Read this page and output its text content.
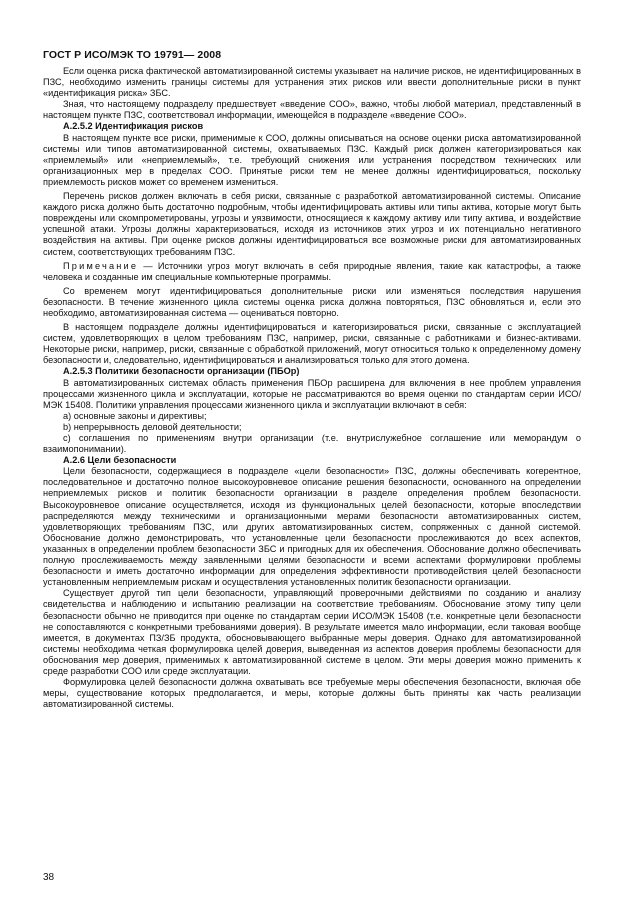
ГОСТ Р ИСО/МЭК ТО 19791— 2008

Если оценка риска фактической автоматизированной системы указывает на наличие рисков, не идентифицированных в ПЗС, необходимо изменить границы системы для устранения этих рисков или ввести дополнительные риски в пункт «идентификация риска» ЗБС.

Зная, что настоящему подразделу предшествует «введение СОО», важно, чтобы любой материал, представленный в настоящем пункте ПЗС, соответствовал информации, имеющейся в подразделе «введение СОО».

А.2.5.2 Идентификация рисков

В настоящем пункте все риски, применимые к СОО, должны описываться на основе оценки риска автоматизированной системы или типов автоматизированной системы, охватываемых ПЗС. Каждый риск должен категоризироваться как «приемлемый» или «неприемлемый», т.е. требующий снижения или устранения посредством технических или организационных мер в пределах СОО. Принятые риски тем не менее должны идентифицироваться, поскольку приемлемость рисков может со временем измениться.

Перечень рисков должен включать в себя риски, связанные с разработкой автоматизированной системы. Описание каждого риска должно быть достаточно подробным, чтобы идентифицировать активы или типы актива, которые могут быть повреждены или скомпрометированы, угрозы и уязвимости, относящиеся к каждому активу или типу актива, и воздействие успешной атаки. Угрозы должны характеризоваться, исходя из источников этих угроз и их потенциально негативного воздействия на активы. При оценке рисков должны идентифицироваться все возможные риски для автоматизированных систем, соответствующих требованиям ПЗС.

Примечание — Источники угроз могут включать в себя природные явления, такие как катастрофы, а также человека и созданные им специальные компьютерные программы.

Со временем могут идентифицироваться дополнительные риски или изменяться последствия нарушения безопасности. В течение жизненного цикла системы оценка риска должна повторяться, ПЗС обновляться и, если это необходимо, автоматизированная система — оцениваться повторно.

В настоящем подразделе должны идентифицироваться и категоризироваться риски, связанные с эксплуатацией систем, удовлетворяющих в целом требованиям ПЗС, например, риски, связанные с работниками и бизнес-активами. Некоторые риски, например, риски, связанные с обработкой приложений, могут относиться только к определенному домену безопасности и, следовательно, идентифицироваться и анализироваться только для этого домена.

А.2.5.3 Политики безопасности организации (ПБОр)

В автоматизированных системах область применения ПБОр расширена для включения в нее проблем управления процессами жизненного цикла и эксплуатации, которые не рассматриваются во время оценки по стандартам серии ИСО/МЭК 15408. Политики управления процессами жизненного цикла и эксплуатации включают в себя:

a) основные законы и директивы;

b) непрерывность деловой деятельности;

c) соглашения по применениям внутри организации (т.е. внутрислужебное соглашение или меморандум о взаимопонимании).

А.2.6 Цели безопасности

Цели безопасности, содержащиеся в подразделе «цели безопасности» ПЗС, должны обеспечивать когерентное, последовательное и достаточно полное высокоуровневое описание решения безопасности, основанного на определении неприемлемых рисков и политик безопасности организации в разделе определения проблем безопасности. Высокоуровневое описание осуществляется, исходя из функциональных целей безопасности, которые впоследствии распределяются между техническими и организационными мерами безопасности автоматизированных систем, удовлетворяющих требованиям ПЗС, или других автоматизированных систем, сопряженных с данной системой. Обоснование должно демонстрировать, что установленные цели безопасности прослеживаются до всех аспектов, указанных в определении проблем безопасности ЗБС и пригодных для их обеспечения. Обоснование должно обеспечивать полную прослеживаемость между заявленными целями безопасности и всеми аспектами формулировки проблемы безопасности и иметь достаточно информации для определения эффективности противодействия целей безопасности установленным неприемлемым рискам и осуществления установленных политик безопасности организации.

Существует другой тип цели безопасности, управляющий проверочными действиями по созданию и анализу свидетельства и наблюдению и испытанию реализации на соответствие требованиям. Обоснование этому типу цели безопасности обычно не приводится при оценке по стандартам серии ИСО/МЭК 15408 (т.е. конкретные цели безопасности не сопоставляются с конкретными требованиями доверия). В результате имеется мало информации, если таковая вообще имеется, в документах ПЗ/ЗБ продукта, обосновывающего выбранные меры доверия. Однако для автоматизированной системы необходима четкая формулировка целей доверия, выведенная из аспектов доверия проблемы безопасности для обоснования мер доверия, применимых к автоматизированной системе в целом. Эти меры доверия можно применить к среде разработки СОО или среде эксплуатации.

Формулировка целей безопасности должна охватывать все требуемые меры обеспечения безопасности, включая обе меры, существование которых предполагается, и меры, которые должны быть приняты как часть реализации автоматизированной системы.

38
